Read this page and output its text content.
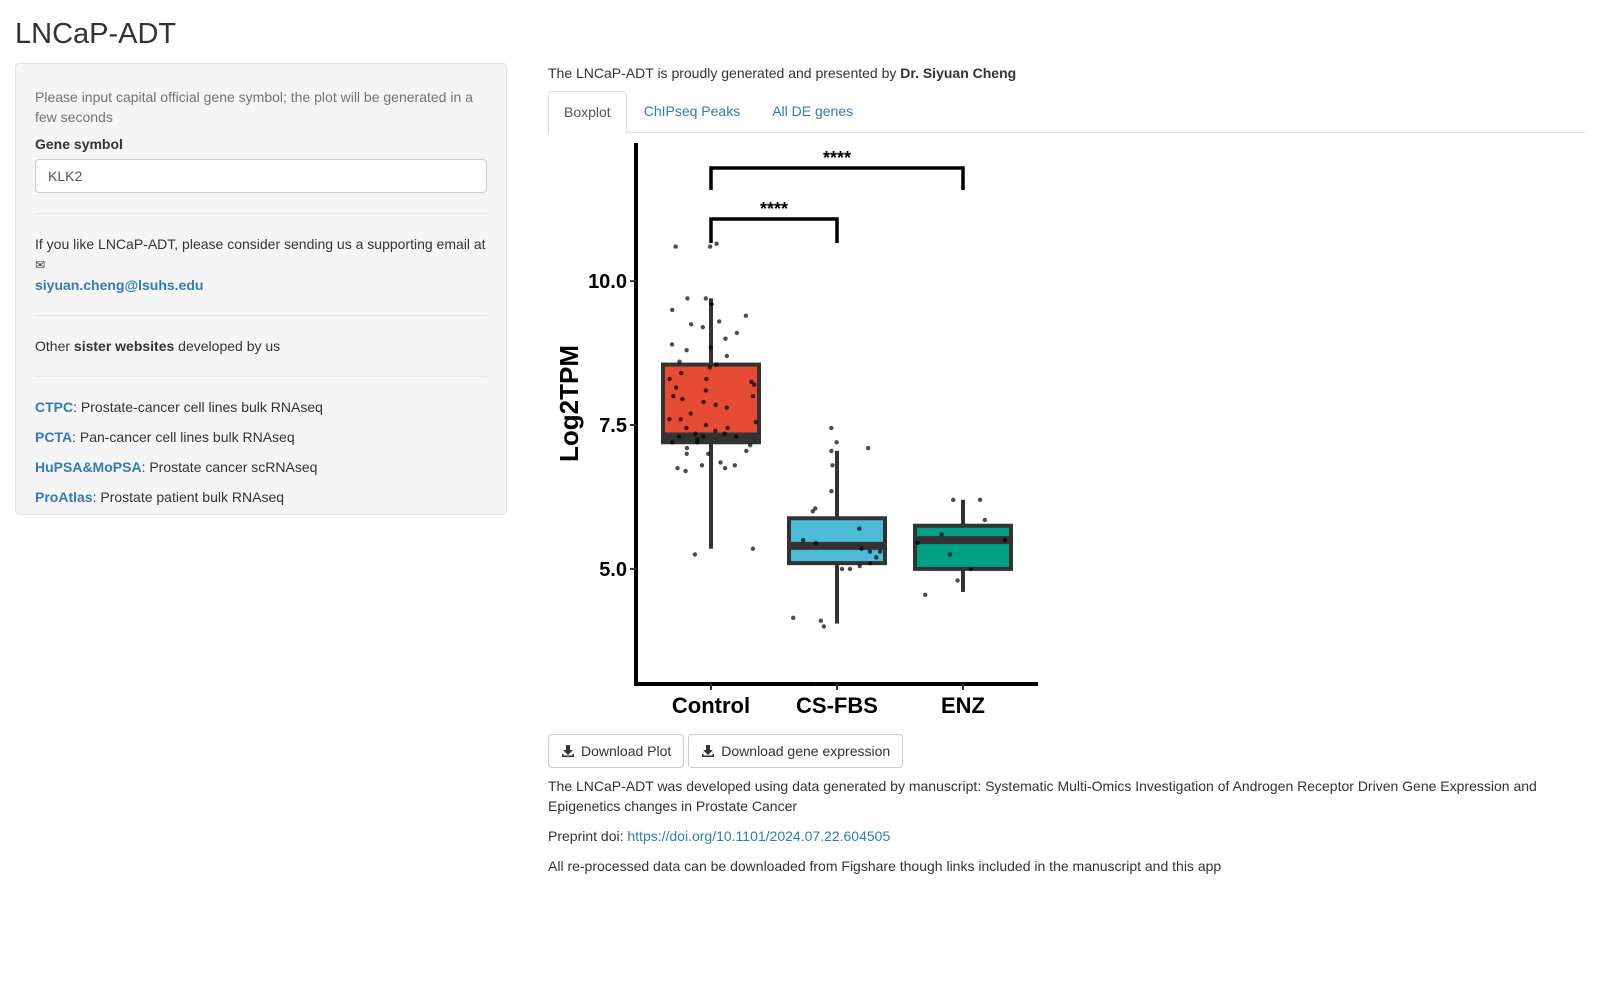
LNCaP-ADT

Please input capital official gene symbol; the plot will be generated in a few seconds

Gene symbol
KLK2

If you like LNCaP-ADT, please consider sending us a supporting email at ✉
siyuan.cheng@lsuhs.edu

Other sister websites developed by us

CTPC: Prostate-cancer cell lines bulk RNAseq

PCTA: Pan-cancer cell lines bulk RNAseq

HuPSA&MoPSA: Prostate cancer scRNAseq

ProAtlas: Prostate patient bulk RNAseq

The LNCaP-ADT is proudly generated and presented by Dr. Siyuan Cheng

Boxplot	ChIPseq Peaks	All DE genes
5.0
7.5
10.0
Log2TPM
Control CS-FBS	ENZ
****
****
Download Plot	Download gene expression

The LNCaP-ADT was developed using data generated by manuscript: Systematic Multi-Omics Investigation of Androgen Receptor Driven Gene Expression and Epigenetics changes in Prostate Cancer

Preprint doi: https://doi.org/10.1101/2024.07.22.604505

All re-processed data can be downloaded from Figshare though links included in the manuscript and this app
